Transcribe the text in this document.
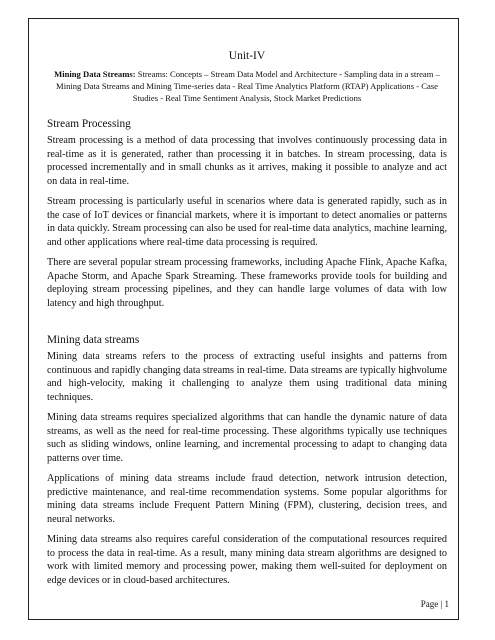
Unit-IV
Mining Data Streams: Streams: Concepts – Stream Data Model and Architecture - Sampling data in a stream – Mining Data Streams and Mining Time-series data - Real Time Analytics Platform (RTAP) Applications - Case Studies - Real Time Sentiment Analysis, Stock Market Predictions
Stream Processing

Stream processing is a method of data processing that involves continuously processing data in real-time as it is generated, rather than processing it in batches. In stream processing, data is processed incrementally and in small chunks as it arrives, making it possible to analyze and act on data in real-time.

Stream processing is particularly useful in scenarios where data is generated rapidly, such as in the case of IoT devices or financial markets, where it is important to detect anomalies or patterns in data quickly. Stream processing can also be used for real-time data analytics, machine learning, and other applications where real-time data processing is required.

There are several popular stream processing frameworks, including Apache Flink, Apache Kafka, Apache Storm, and Apache Spark Streaming. These frameworks provide tools for building and deploying stream processing pipelines, and they can handle large volumes of data with low latency and high throughput.

Mining data streams

Mining data streams refers to the process of extracting useful insights and patterns from continuous and rapidly changing data streams in real-time. Data streams are typically highvolume and high-velocity, making it challenging to analyze them using traditional data mining techniques.

Mining data streams requires specialized algorithms that can handle the dynamic nature of data streams, as well as the need for real-time processing. These algorithms typically use techniques such as sliding windows, online learning, and incremental processing to adapt to changing data patterns over time.

Applications of mining data streams include fraud detection, network intrusion detection, predictive maintenance, and real-time recommendation systems. Some popular algorithms for mining data streams include Frequent Pattern Mining (FPM), clustering, decision trees, and neural networks.

Mining data streams also requires careful consideration of the computational resources required to process the data in real-time. As a result, many mining data stream algorithms are designed to work with limited memory and processing power, making them well-suited for deployment on edge devices or in cloud-based architectures.

Page | 1
